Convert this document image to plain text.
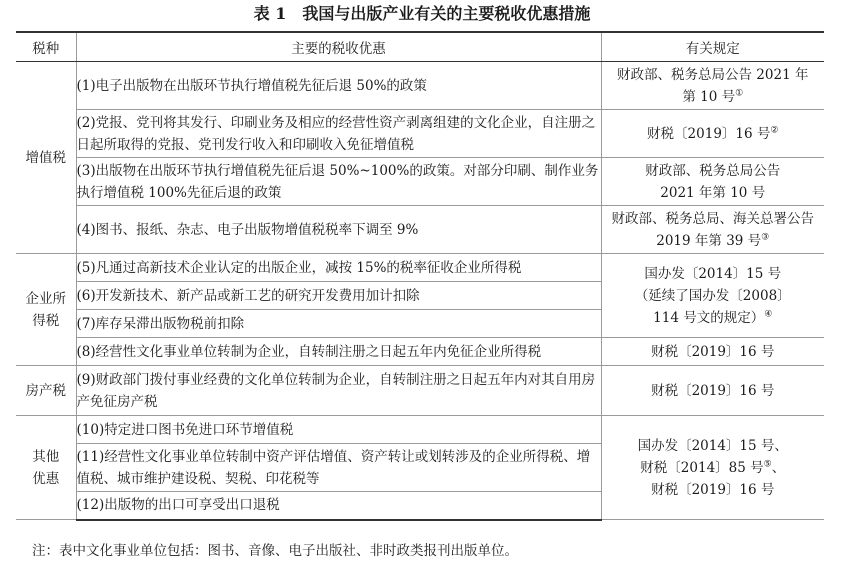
表 1　我国与出版产业有关的主要税收优惠措施
税种	主要的税收优惠	有关规定
增值税	(1)电子出版物在出版环节执行增值税先征后退 50%的政策	财政部、税务总局公告 2021 年
第 10 号①

	(2)党报、党刊将其发行、印刷业务及相应的经营性资产剥离组建的文化企业，自注册之日起所取得的党报、党刊发行收入和印刷收入免征增值税	财税〔2019〕16 号②

	(3)出版物在出版环节执行增值税先征后退 50%~100%的政策。对部分印刷、制作业务执行增值税 100%先征后退的政策	财政部、税务总局公告
2021 年第 10 号

	(4)图书、报纸、杂志、电子出版物增值税税率下调至 9%	财政部、税务总局、海关总署公告
2019 年第 39 号③

企业所
得税	(5)凡通过高新技术企业认定的出版企业，减按 15%的税率征收企业所得税	国办发〔2014〕15 号
（延续了国办发〔2008〕
114 号文的规定）④

	(6)开发新技术、新产品或新工艺的研究开发费用加计扣除	
	(7)库存呆滞出版物税前扣除	
	(8)经营性文化事业单位转制为企业，自转制注册之日起五年内免征企业所得税	财税〔2019〕16 号
房产税	(9)财政部门拨付事业经费的文化单位转制为企业，自转制注册之日起五年内对其自用房产免征房产税	财税〔2019〕16 号

其他
优惠	(10)特定进口图书免进口环节增值税	国办发〔2014〕15 号、
财税〔2014〕85 号⑤、
财税〔2019〕16 号

	(11)经营性文化事业单位转制中资产评估增值、资产转让或划转涉及的企业所得税、增值税、城市维护建设税、契税、印花税等	
	(12)出版物的出口可享受出口退税	
注：表中文化事业单位包括：图书、音像、电子出版社、非时政类报刊出版单位。
